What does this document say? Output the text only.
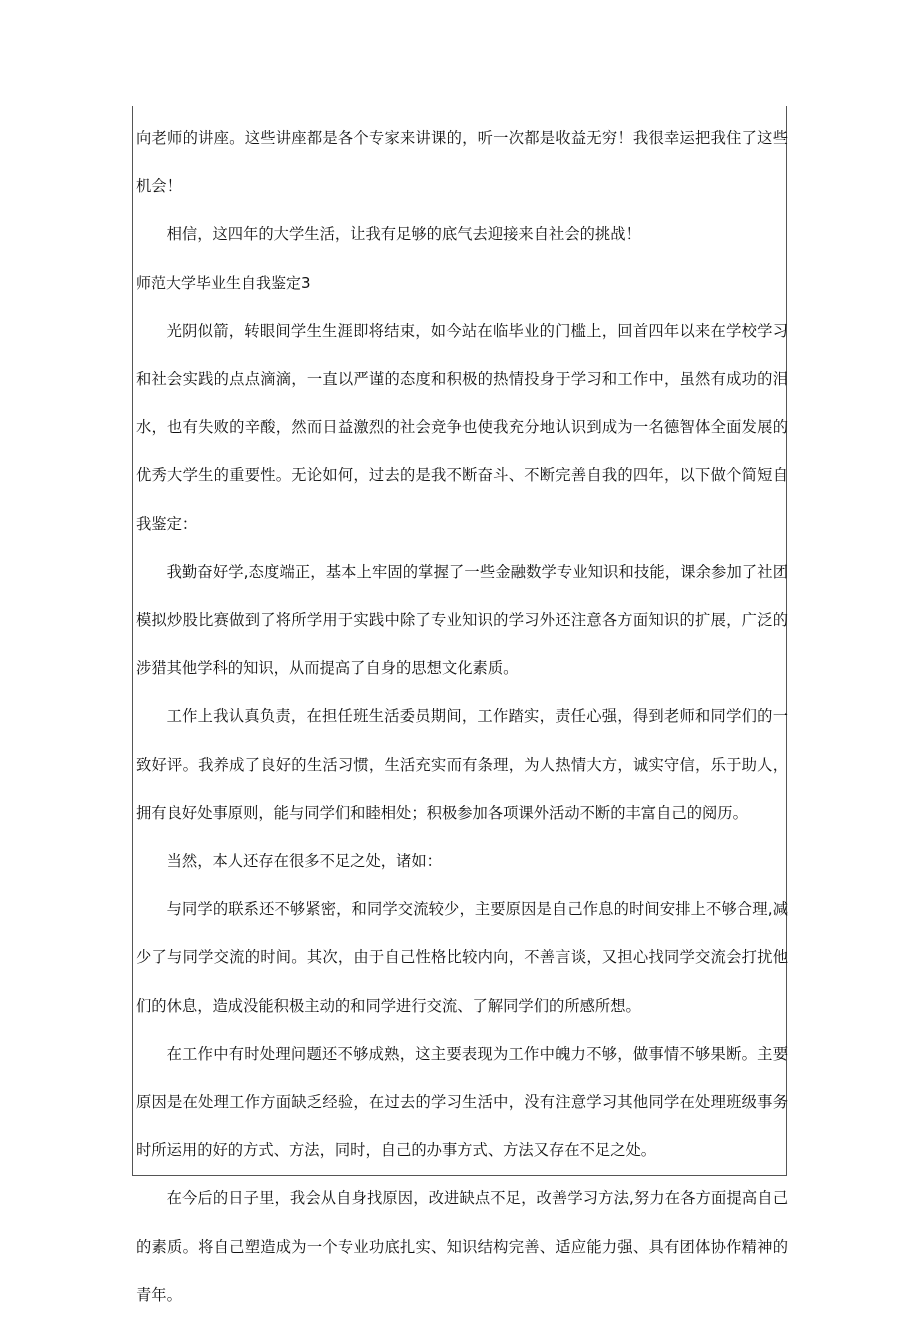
向老师的讲座。这些讲座都是各个专家来讲课的，听一次都是收益无穷！我很幸运把我住了这些机会！

相信，这四年的大学生活，让我有足够的底气去迎接来自社会的挑战！

师范大学毕业生自我鉴定3

光阴似箭，转眼间学生生涯即将结束，如今站在临毕业的门槛上，回首四年以来在学校学习和社会实践的点点滴滴，一直以严谨的态度和积极的热情投身于学习和工作中，虽然有成功的泪水，也有失败的辛酸，然而日益激烈的社会竞争也使我充分地认识到成为一名德智体全面发展的优秀大学生的重要性。无论如何，过去的是我不断奋斗、不断完善自我的四年，以下做个简短自我鉴定：

我勤奋好学,态度端正，基本上牢固的掌握了一些金融数学专业知识和技能，课余参加了社团模拟炒股比赛做到了将所学用于实践中除了专业知识的学习外还注意各方面知识的扩展，广泛的涉猎其他学科的知识，从而提高了自身的思想文化素质。

工作上我认真负责，在担任班生活委员期间，工作踏实，责任心强，得到老师和同学们的一致好评。我养成了良好的生活习惯，生活充实而有条理，为人热情大方，诚实守信，乐于助人，拥有良好处事原则，能与同学们和睦相处；积极参加各项课外活动不断的丰富自己的阅历。

当然，本人还存在很多不足之处，诸如：

与同学的联系还不够紧密，和同学交流较少，主要原因是自己作息的时间安排上不够合理,减少了与同学交流的时间。其次，由于自己性格比较内向，不善言谈，又担心找同学交流会打扰他们的休息，造成没能积极主动的和同学进行交流、了解同学们的所感所想。

在工作中有时处理问题还不够成熟，这主要表现为工作中魄力不够，做事情不够果断。主要原因是在处理工作方面缺乏经验，在过去的学习生活中，没有注意学习其他同学在处理班级事务时所运用的好的方式、方法，同时，自己的办事方式、方法又存在不足之处。

在今后的日子里，我会从自身找原因，改进缺点不足，改善学习方法,努力在各方面提高自己的素质。将自己塑造成为一个专业功底扎实、知识结构完善、适应能力强、具有团体协作精神的青年。
